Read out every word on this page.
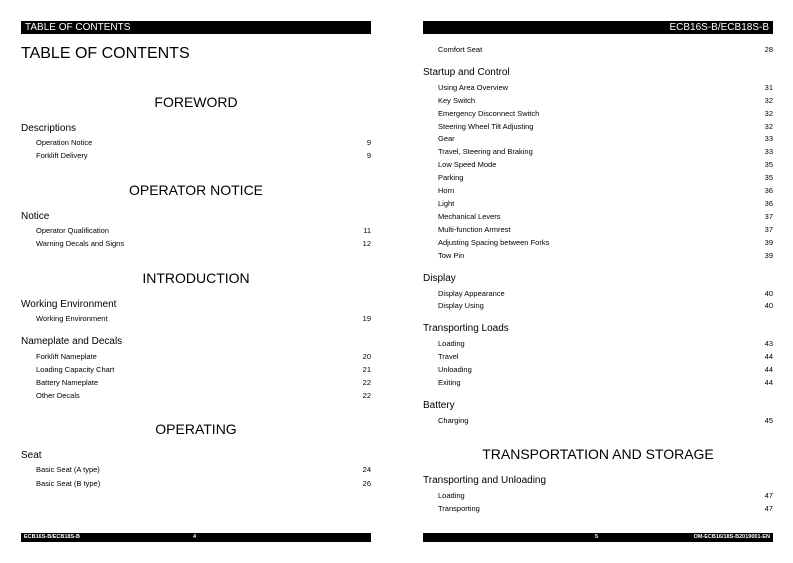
TABLE OF CONTENTS
TABLE OF CONTENTS
FOREWORD
Descriptions
Operation Notice	9
Forklift Delivery	9
OPERATOR NOTICE
Notice
Operator Qualification	11
Warning Decals and Signs	12
INTRODUCTION
Working Environment
Working Environment	19
Nameplate and Decals
Forklift Nameplate	20
Loading Capacity Chart	21
Battery Nameplate	22
Other Decals	22
OPERATING
Seat
Basic Seat (A type)	24
Basic Seat (B type)	26
ECB16S-B/ECB18S-B	4
ECB16S-B/ECB18S-B
Comfort Seat	28
Startup and Control
Using Area Overview	31
Key Switch	32
Emergency Disconnect Switch	32
Steering Wheel Tilt Adjusting	32
Gear	33
Travel, Steering and Braking	33
Low Speed Mode	35
Parking	35
Horn	36
Light	36
Mechanical Levers	37
Multi-function Armrest	37
Adjusting Spacing between Forks	39
Tow Pin	39
Display
Display Appearance	40
Display Using	40
Transporting Loads
Loading	43
Travel	44
Unloading	44
Exiting	44
Battery
Charging	45
TRANSPORTATION AND STORAGE
Transporting and Unloading
Loading	47
Transporting	47
5	OM-ECB16/18S-B2019001-EN
